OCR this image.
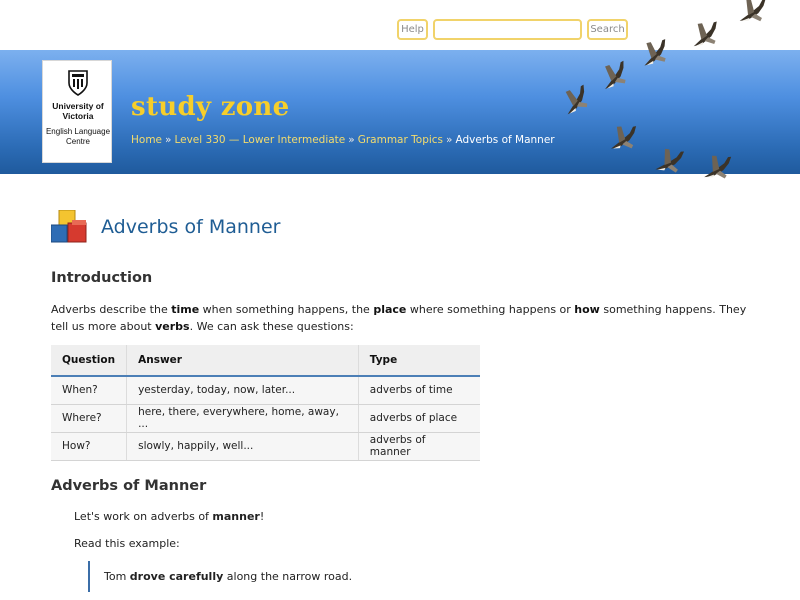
Help	Search
University of Victoria
English Language Centre
study zone
Home » Level 330 — Lower Intermediate » Grammar Topics » Adverbs of Manner
Adverbs of Manner
Introduction

Adverbs describe the time when something happens, the place where something happens or how something happens. They tell us more about verbs. We can ask these questions:

Question	Answer	Type
When?	yesterday, today, now, later...	adverbs of time
Where?	here, there, everywhere, home, away, ...	adverbs of place
How?	slowly, happily, well...	adverbs of manner
Adverbs of Manner

Let's work on adverbs of manner!

Read this example:

Tom drove carefully along the narrow road.
